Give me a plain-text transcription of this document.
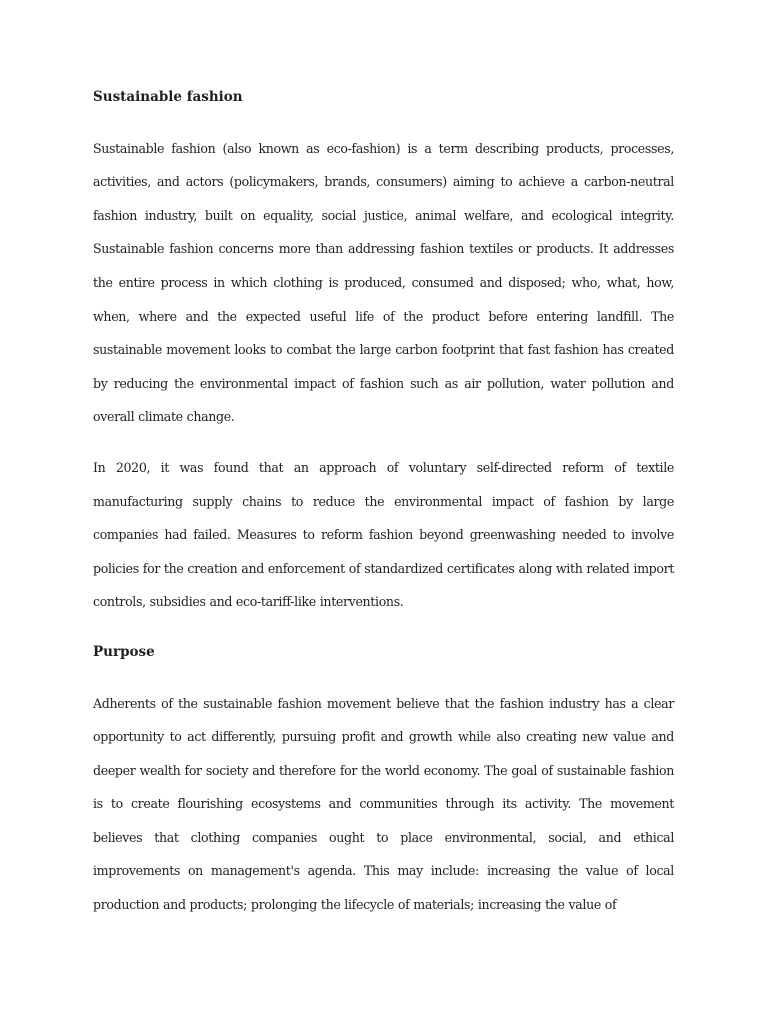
Sustainable fashion

Sustainable fashion (also known as eco-fashion) is a term describing products, processes, activities, and actors (policymakers, brands, consumers) aiming to achieve a carbon-neutral fashion industry, built on equality, social justice, animal welfare, and ecological integrity. Sustainable fashion concerns more than addressing fashion textiles or products. It addresses the entire process in which clothing is produced, consumed and disposed; who, what, how, when, where and the expected useful life of the product before entering landfill. The sustainable movement looks to combat the large carbon footprint that fast fashion has created by reducing the environmental impact of fashion such as air pollution, water pollution and overall climate change.

In 2020, it was found that an approach of voluntary self-directed reform of textile manufacturing supply chains to reduce the environmental impact of fashion by large companies had failed. Measures to reform fashion beyond greenwashing needed to involve policies for the creation and enforcement of standardized certificates along with related import controls, subsidies and eco-tariff-like interventions.

Purpose

Adherents of the sustainable fashion movement believe that the fashion industry has a clear opportunity to act differently, pursuing profit and growth while also creating new value and deeper wealth for society and therefore for the world economy. The goal of sustainable fashion is to create flourishing ecosystems and communities through its activity. The movement believes that clothing companies ought to place environmental, social, and ethical improvements on management's agenda. This may include: increasing the value of local production and products; prolonging the lifecycle of materials; increasing the value of
